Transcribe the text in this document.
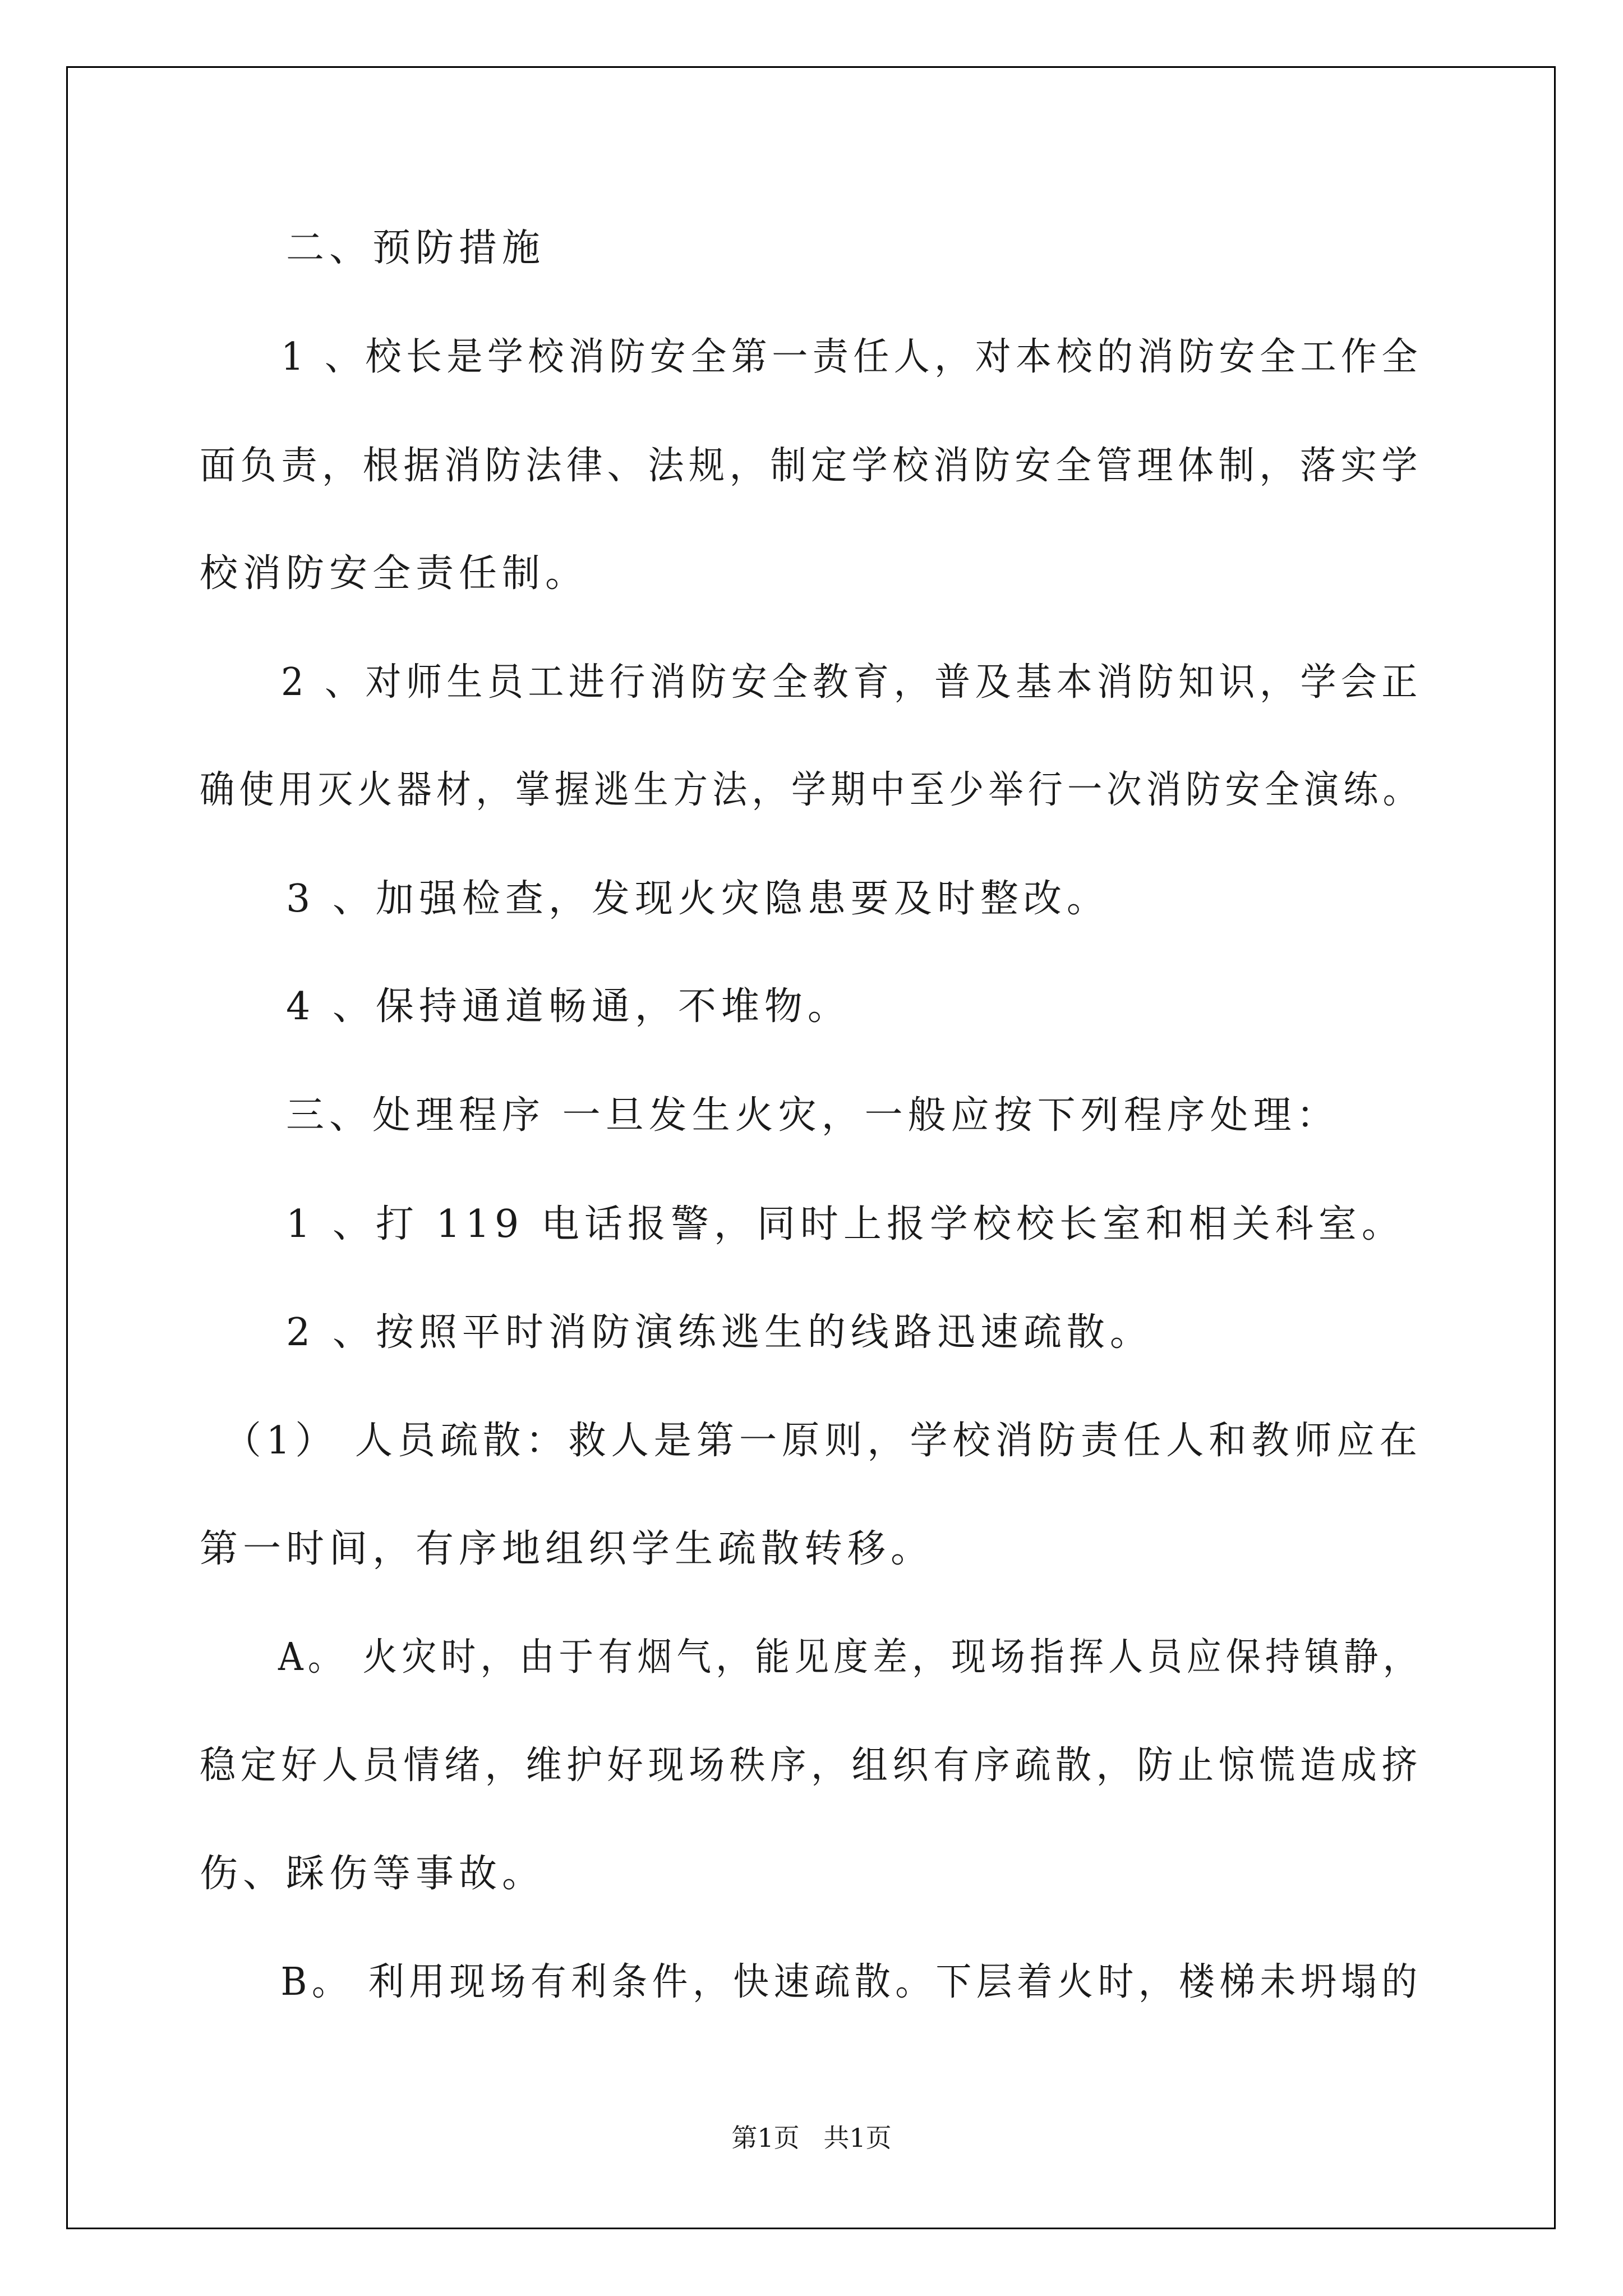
　　二、预防措施
　　1 、校长是学校消防安全第一责任人，对本校的消防安全工作全
面负责，根据消防法律、法规，制定学校消防安全管理体制，落实学
校消防安全责任制。
　　2 、对师生员工进行消防安全教育，普及基本消防知识，学会正
确使用灭火器材，掌握逃生方法，学期中至少举行一次消防安全演练。
　　3 、加强检查，发现火灾隐患要及时整改。
　　4 、保持通道畅通，不堆物。
　　三、处理程序 一旦发生火灾，一般应按下列程序处理：
　　1 、打 119 电话报警，同时上报学校校长室和相关科室。
　　2 、按照平时消防演练逃生的线路迅速疏散。
　（1） 人员疏散：救人是第一原则，学校消防责任人和教师应在
第一时间，有序地组织学生疏散转移。
　　A。 火灾时，由于有烟气，能见度差，现场指挥人员应保持镇静，
稳定好人员情绪，维护好现场秩序，组织有序疏散，防止惊慌造成挤
伤、踩伤等事故。
　　B。 利用现场有利条件，快速疏散。下层着火时，楼梯未坍塌的
第1页 共1页
